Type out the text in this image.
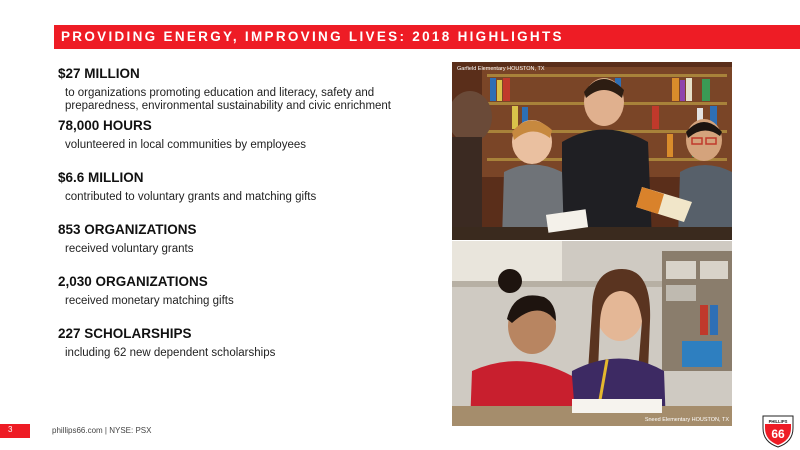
PROVIDING ENERGY, IMPROVING LIVES: 2018 HIGHLIGHTS
$27 MILLION
to organizations promoting education and literacy, safety and
preparedness, environmental sustainability and civic enrichment
78,000 HOURS
volunteered in local communities by employees
$6.6 MILLION
contributed to voluntary grants and matching gifts
853 ORGANIZATIONS
received voluntary grants
2,030 ORGANIZATIONS
received monetary matching gifts
227 SCHOLARSHIPS
including 62 new dependent scholarships
Garfield Elementary HOUSTON, TX
Sneed Elementary HOUSTON, TX
3	phillips66.com | NYSE: PSX
PHILLIPS
66
